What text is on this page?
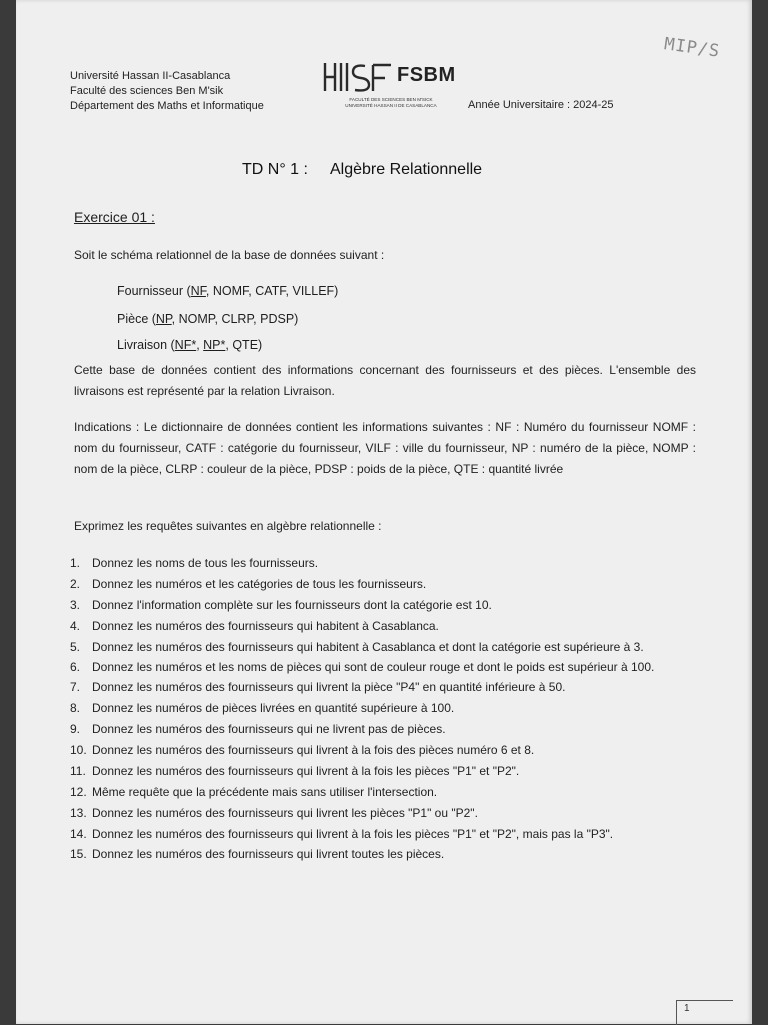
MIP/S
Université Hassan II-Casablanca
Faculté des sciences Ben M'sik
Département des Maths et Informatique
FSBM
FACULTÉ DES SCIENCES BEN M'SICK
UNIVERSITÉ HASSAN II DE CASABLANCA	Année Universitaire : 2024-25
TD N° 1 : Algèbre Relationnelle
Exercice 01 :
Soit le schéma relationnel de la base de données suivant :
Fournisseur (NF, NOMF, CATF, VILLEF)
Pièce (NP, NOMP, CLRP, PDSP)
Livraison (NF*, NP*, QTE)
Cette base de données contient des informations concernant des fournisseurs et des pièces. L'ensemble des livraisons est représenté par la relation Livraison.
Indications : Le dictionnaire de données contient les informations suivantes : NF : Numéro du fournisseur NOMF : nom du fournisseur, CATF : catégorie du fournisseur, VILF : ville du fournisseur, NP : numéro de la pièce, NOMP : nom de la pièce, CLRP : couleur de la pièce, PDSP : poids de la pièce, QTE : quantité livrée
Exprimez les requêtes suivantes en algèbre relationnelle :
1. Donnez les noms de tous les fournisseurs.
2. Donnez les numéros et les catégories de tous les fournisseurs.
3. Donnez l'information complète sur les fournisseurs dont la catégorie est 10.
4. Donnez les numéros des fournisseurs qui habitent à Casablanca.
5. Donnez les numéros des fournisseurs qui habitent à Casablanca et dont la catégorie est supérieure à 3.
6. Donnez les numéros et les noms de pièces qui sont de couleur rouge et dont le poids est supérieur à 100.
7. Donnez les numéros des fournisseurs qui livrent la pièce "P4" en quantité inférieure à 50.
8. Donnez les numéros de pièces livrées en quantité supérieure à 100.
9. Donnez les numéros des fournisseurs qui ne livrent pas de pièces.
10. Donnez les numéros des fournisseurs qui livrent à la fois des pièces numéro 6 et 8.
11. Donnez les numéros des fournisseurs qui livrent à la fois les pièces "P1" et "P2".
12. Même requête que la précédente mais sans utiliser l'intersection.
13. Donnez les numéros des fournisseurs qui livrent les pièces "P1" ou "P2".
14. Donnez les numéros des fournisseurs qui livrent à la fois les pièces "P1" et "P2", mais pas la "P3".
15. Donnez les numéros des fournisseurs qui livrent toutes les pièces.
1
